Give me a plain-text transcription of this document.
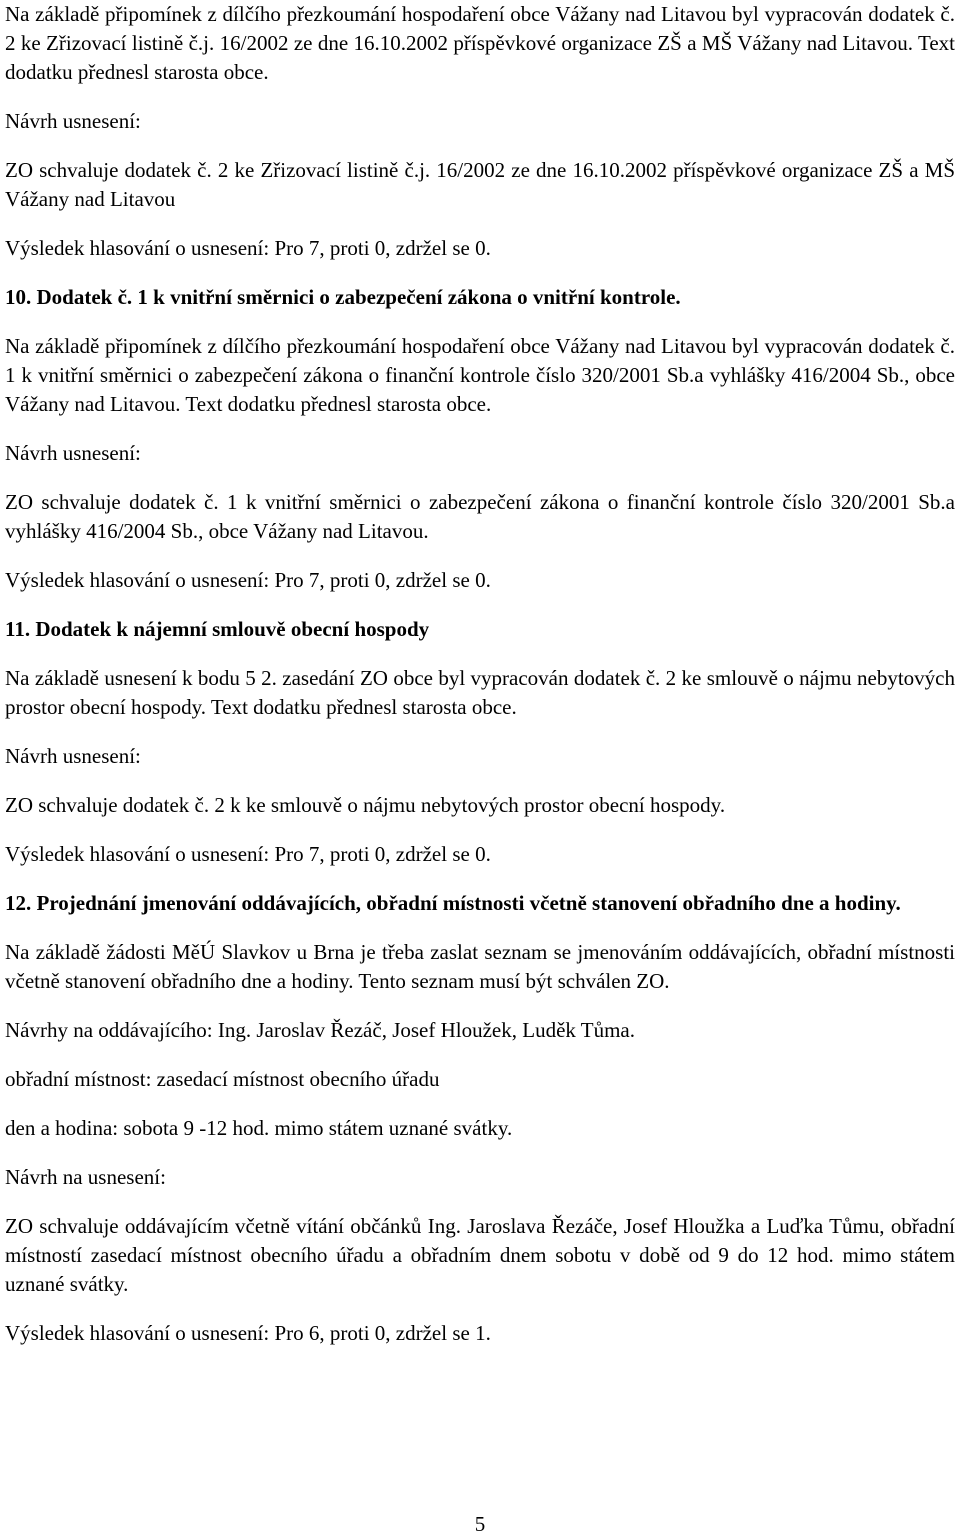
Na základě připomínek z dílčího přezkoumání hospodaření obce Vážany nad Litavou byl vypracován dodatek č. 2 ke Zřizovací listině č.j. 16/2002 ze dne 16.10.2002 příspěvkové organizace ZŠ a MŠ Vážany nad Litavou. Text dodatku přednesl starosta obce.

Návrh usnesení:

ZO schvaluje dodatek č. 2 ke Zřizovací listině č.j. 16/2002 ze dne 16.10.2002 příspěvkové organizace ZŠ a MŠ Vážany nad Litavou

Výsledek hlasování o usnesení: Pro 7, proti 0, zdržel se 0.

10. Dodatek č. 1 k vnitřní směrnici o zabezpečení zákona o vnitřní kontrole.

Na základě připomínek z dílčího přezkoumání hospodaření obce Vážany nad Litavou byl vypracován dodatek č. 1 k vnitřní směrnici o zabezpečení zákona o finanční kontrole číslo 320/2001 Sb.a vyhlášky 416/2004 Sb., obce Vážany nad Litavou. Text dodatku přednesl starosta obce.

Návrh usnesení:

ZO schvaluje dodatek č. 1 k vnitřní směrnici o zabezpečení zákona o finanční kontrole číslo 320/2001 Sb.a vyhlášky 416/2004 Sb., obce Vážany nad Litavou.

Výsledek hlasování o usnesení: Pro 7, proti 0, zdržel se 0.

11. Dodatek k nájemní smlouvě obecní hospody

Na základě usnesení k bodu 5 2. zasedání ZO obce byl vypracován dodatek č. 2 ke smlouvě o nájmu nebytových prostor obecní hospody. Text dodatku přednesl starosta obce.

Návrh usnesení:

ZO schvaluje dodatek č. 2 k ke smlouvě o nájmu nebytových prostor obecní hospody.

Výsledek hlasování o usnesení: Pro 7, proti 0, zdržel se 0.

12. Projednání jmenování oddávajících, obřadní místnosti včetně stanovení obřadního dne a hodiny.

Na základě žádosti MěÚ Slavkov u Brna je třeba zaslat seznam se jmenováním oddávajících, obřadní místnosti včetně stanovení obřadního dne a hodiny. Tento seznam musí být schválen ZO.

Návrhy na oddávajícího: Ing. Jaroslav Řezáč, Josef Hloužek, Luděk Tůma.

obřadní místnost: zasedací místnost obecního úřadu

den a hodina: sobota 9 -12 hod. mimo státem uznané svátky.

Návrh na usnesení:

ZO schvaluje oddávajícím včetně vítání občánků Ing. Jaroslava Řezáče, Josef Hloužka a Luďka Tůmu, obřadní místností zasedací místnost obecního úřadu a obřadním dnem sobotu v době od 9 do 12 hod. mimo státem uznané svátky.

Výsledek hlasování o usnesení: Pro 6, proti 0, zdržel se 1.

5
